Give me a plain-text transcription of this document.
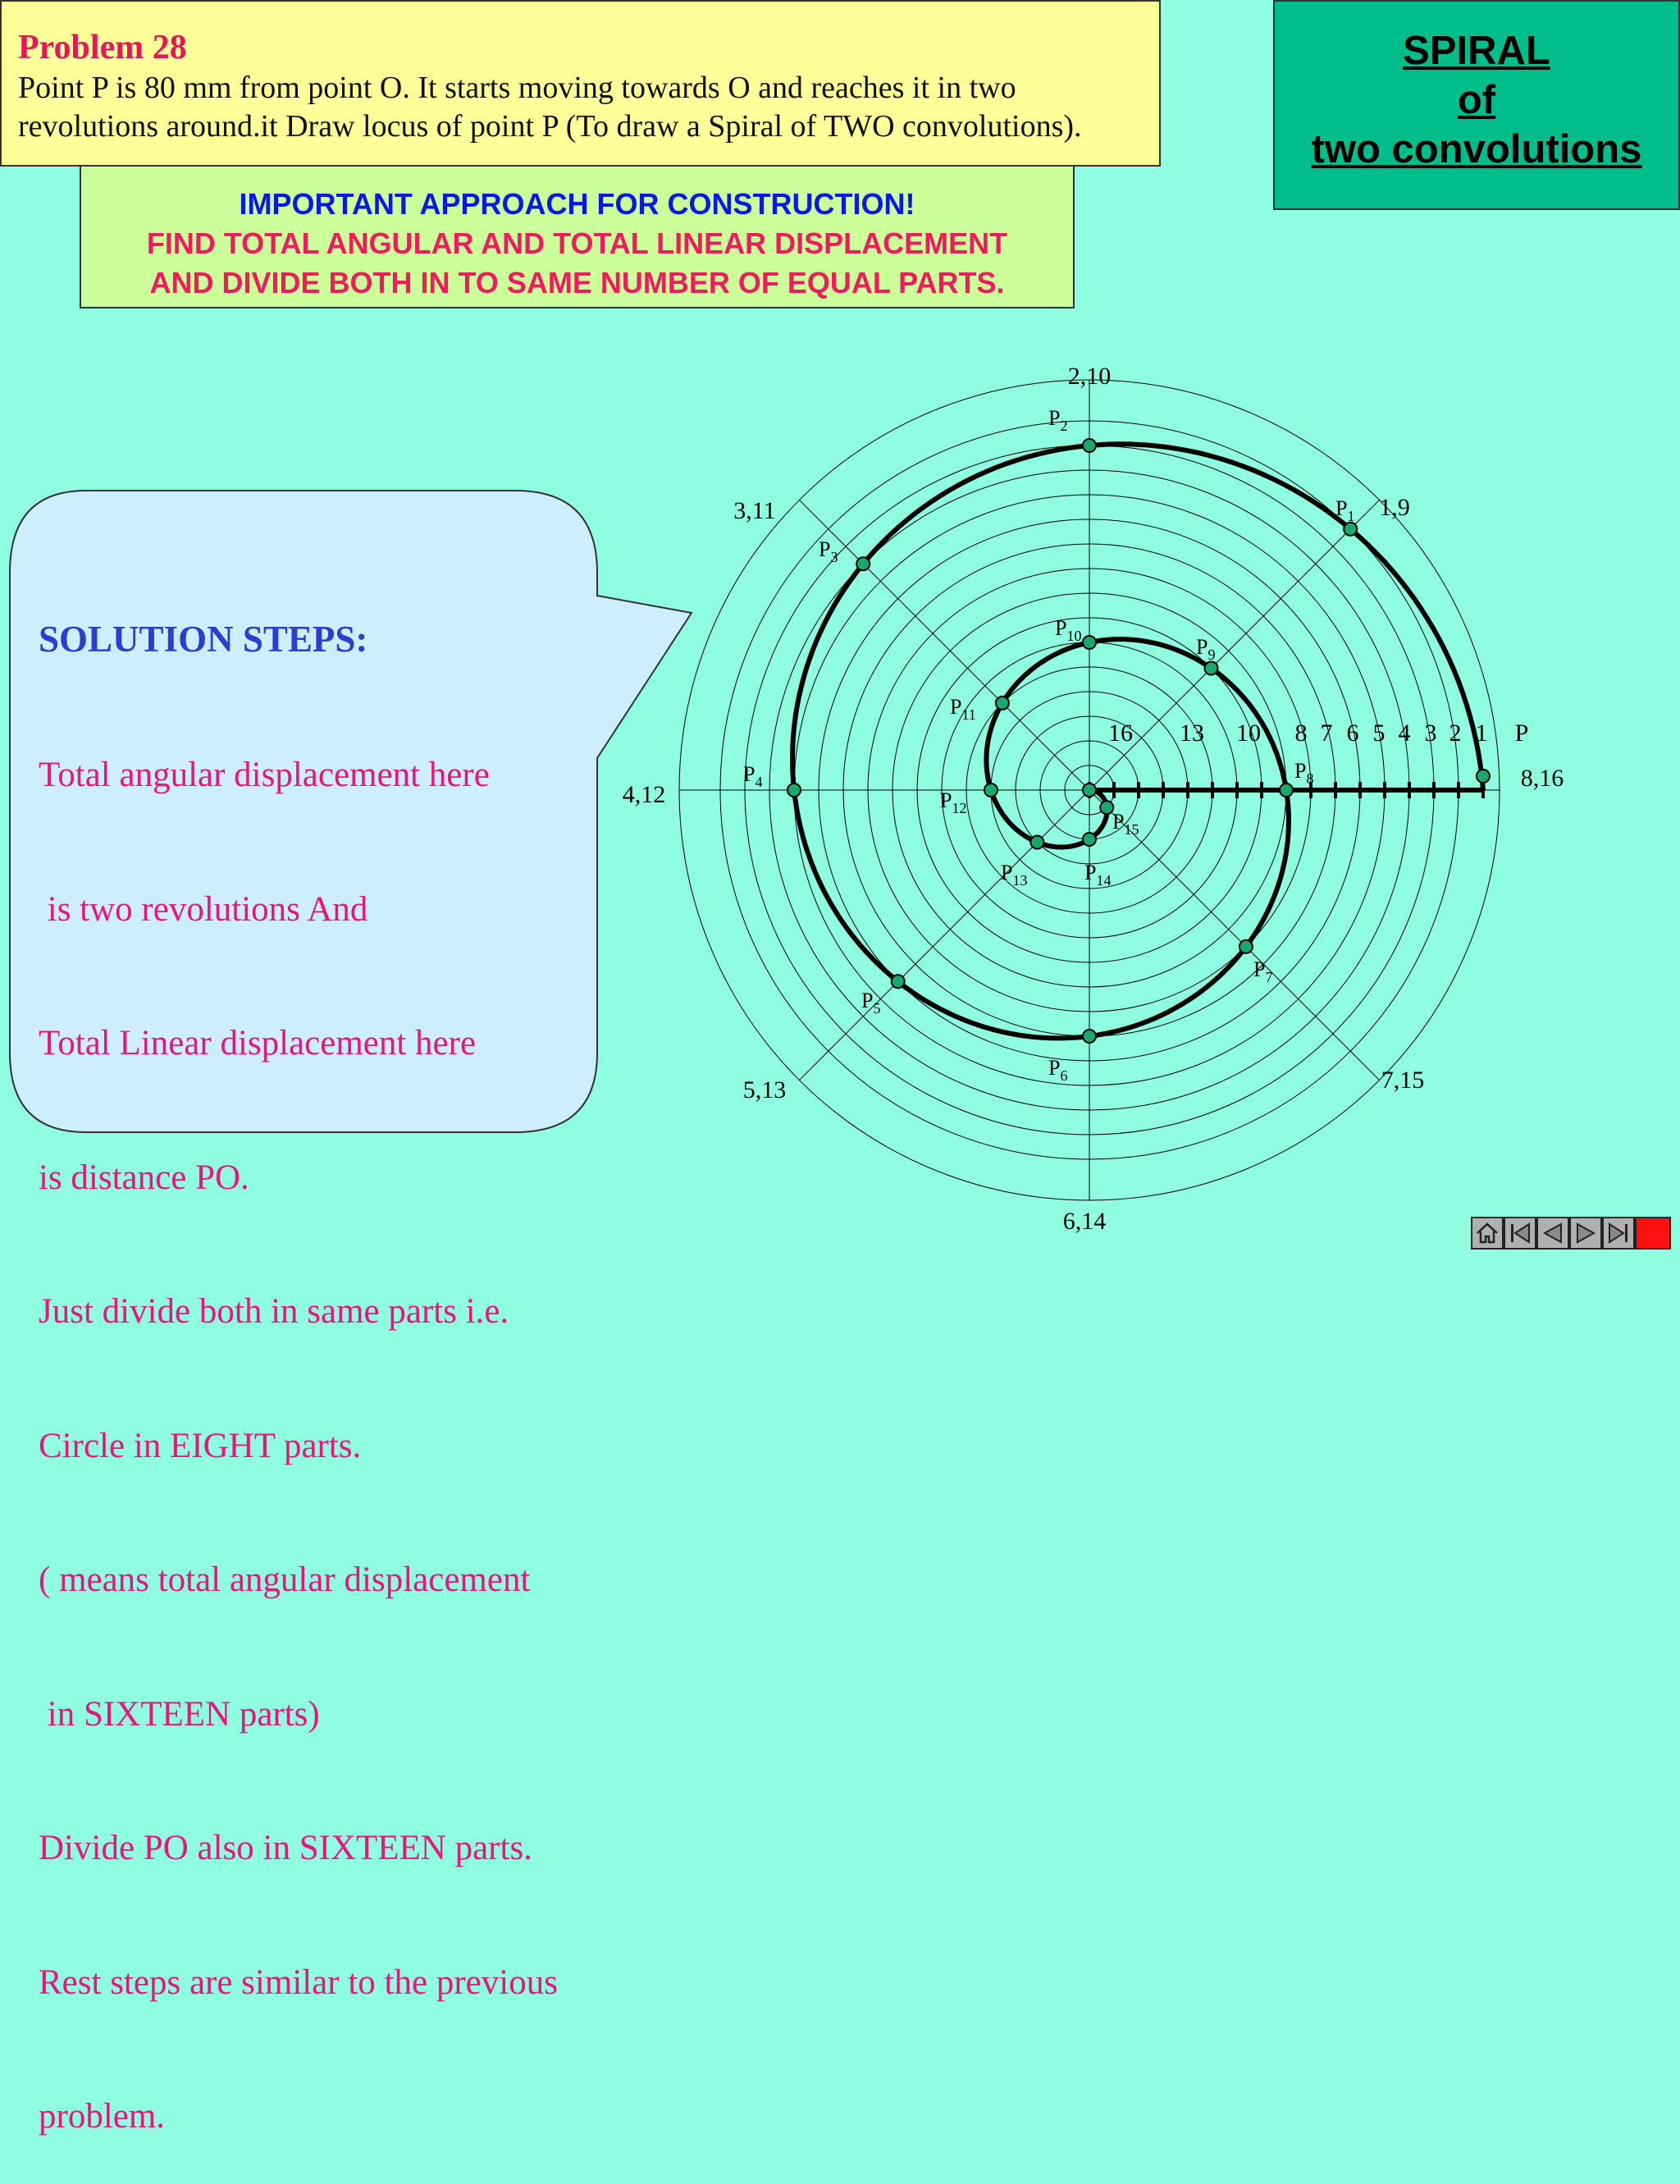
Problem 28
Point P is 80 mm from point O. It starts moving towards O and reaches it in two
revolutions around.it Draw locus of point P (To draw a Spiral of TWO convolutions).
SPIRAL
of
two convolutions
IMPORTANT APPROACH FOR CONSTRUCTION!
FIND TOTAL ANGULAR AND TOTAL LINEAR DISPLACEMENT
AND DIVIDE BOTH IN TO SAME NUMBER OF EQUAL PARTS.

SOLUTION STEPS:

Total angular displacement here

is two revolutions And

Total Linear displacement here

is distance PO.

Just divide both in same parts i.e.

Circle in EIGHT parts.

( means total angular displacement

in SIXTEEN parts)

Divide PO also in SIXTEEN parts.

Rest steps are similar to the previous

problem.

8,16
1,9
2,10
3,11
4,12
5,13
6,14
7,15
$P_1$
$P_2$
$P_3$
$P_4$
$P_5$
$P_6$
$P_7$
$P_8$
$P_9$
$P_{10}$
$P_{11}$
$P_{12}$
$P_{13}$	$P_{14}$
$P_{15}$
16 13 10 8 7 6 5 4 3 2 1 P
